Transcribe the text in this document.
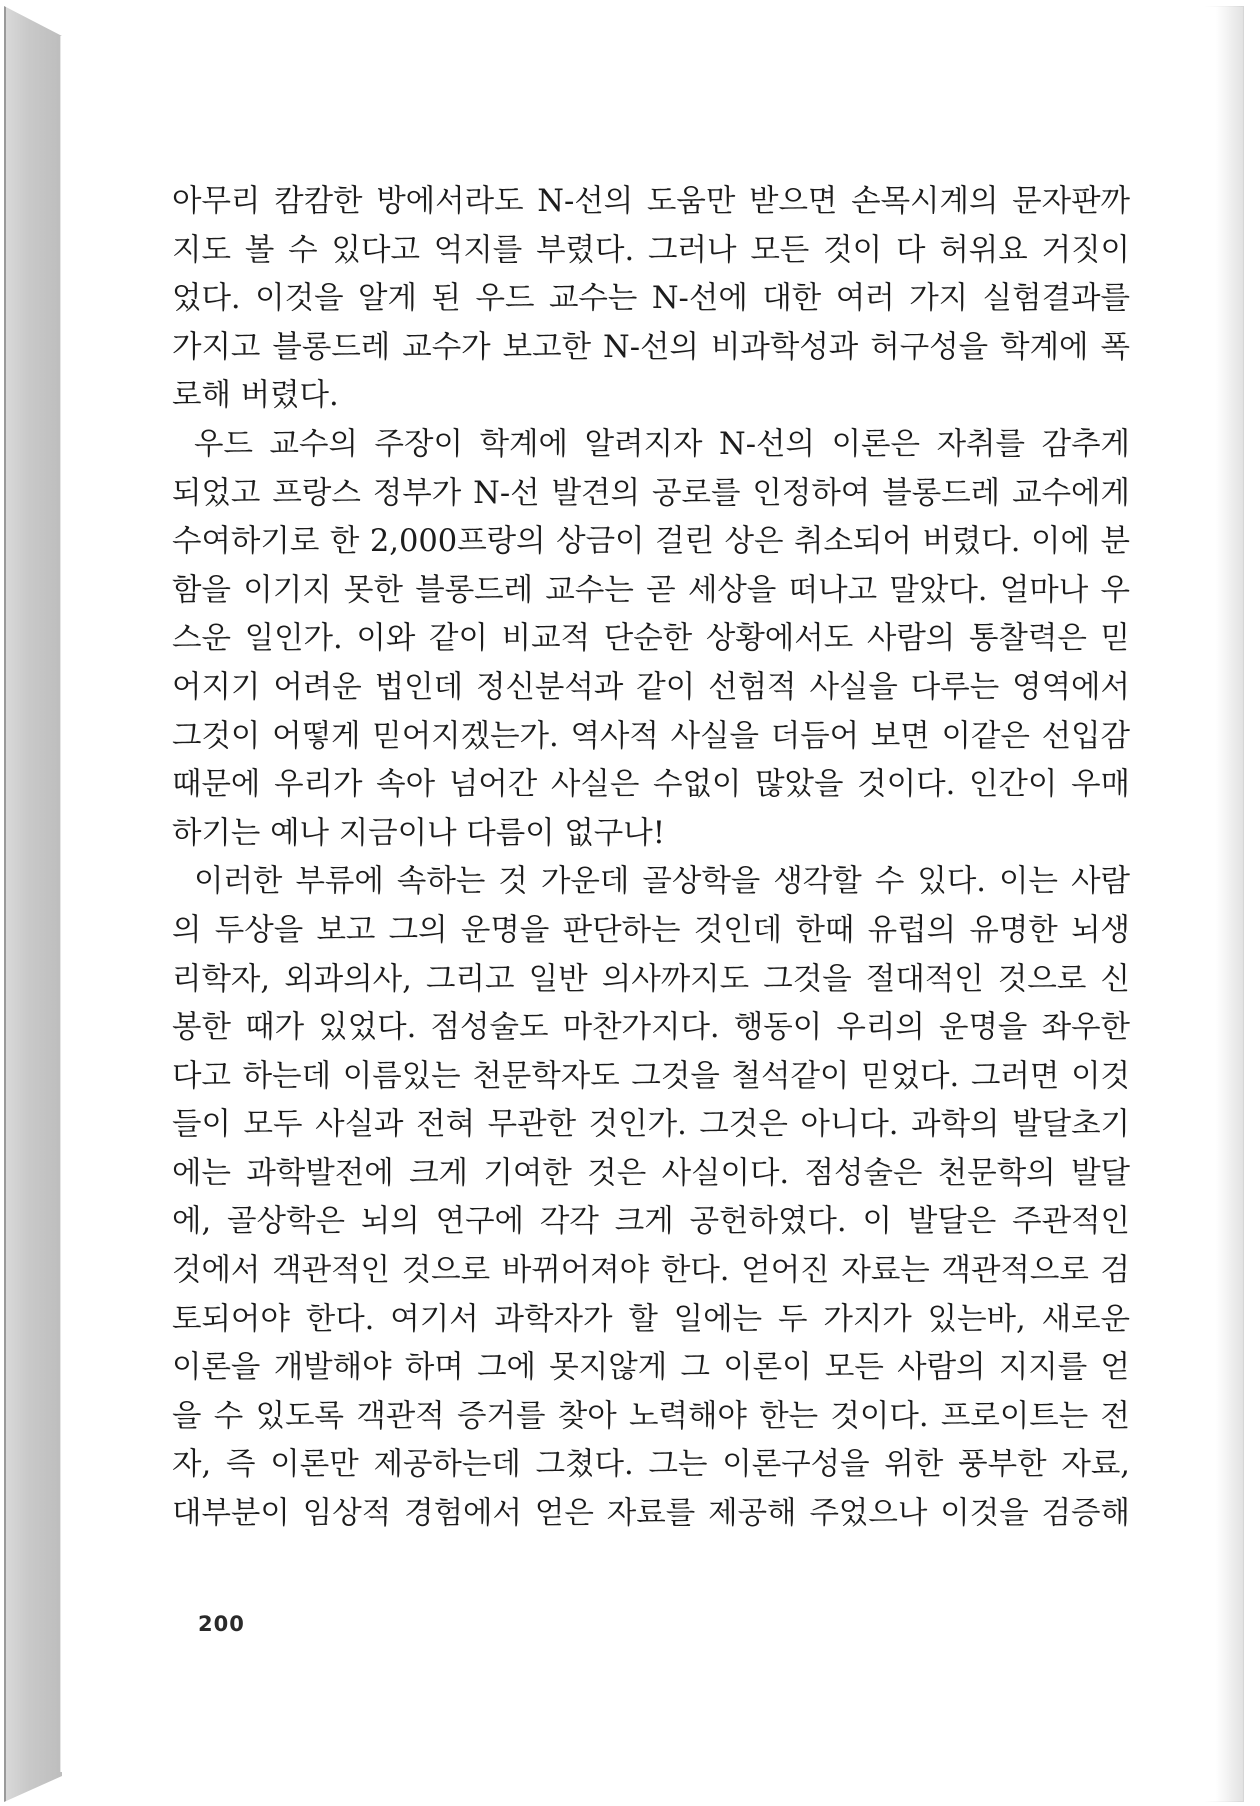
아무리 캄캄한 방에서라도 N-선의 도움만 받으면 손목시계의 문자판까
지도 볼 수 있다고 억지를 부렸다. 그러나 모든 것이 다 허위요 거짓이
었다. 이것을 알게 된 우드 교수는 N-선에 대한 여러 가지 실험결과를
가지고 블롱드레 교수가 보고한 N-선의 비과학성과 허구성을 학계에 폭
로해 버렸다.
우드 교수의 주장이 학계에 알려지자 N-선의 이론은 자취를 감추게
되었고 프랑스 정부가 N-선 발견의 공로를 인정하여 블롱드레 교수에게
수여하기로 한 2,000프랑의 상금이 걸린 상은 취소되어 버렸다. 이에 분
함을 이기지 못한 블롱드레 교수는 곧 세상을 떠나고 말았다. 얼마나 우
스운 일인가. 이와 같이 비교적 단순한 상황에서도 사람의 통찰력은 믿
어지기 어려운 법인데 정신분석과 같이 선험적 사실을 다루는 영역에서
그것이 어떻게 믿어지겠는가. 역사적 사실을 더듬어 보면 이같은 선입감
때문에 우리가 속아 넘어간 사실은 수없이 많았을 것이다. 인간이 우매
하기는 예나 지금이나 다름이 없구나!
이러한 부류에 속하는 것 가운데 골상학을 생각할 수 있다. 이는 사람
의 두상을 보고 그의 운명을 판단하는 것인데 한때 유럽의 유명한 뇌생
리학자, 외과의사, 그리고 일반 의사까지도 그것을 절대적인 것으로 신
봉한 때가 있었다. 점성술도 마찬가지다. 행동이 우리의 운명을 좌우한
다고 하는데 이름있는 천문학자도 그것을 철석같이 믿었다. 그러면 이것
들이 모두 사실과 전혀 무관한 것인가. 그것은 아니다. 과학의 발달초기
에는 과학발전에 크게 기여한 것은 사실이다. 점성술은 천문학의 발달
에, 골상학은 뇌의 연구에 각각 크게 공헌하였다. 이 발달은 주관적인
것에서 객관적인 것으로 바뀌어져야 한다. 얻어진 자료는 객관적으로 검
토되어야 한다. 여기서 과학자가 할 일에는 두 가지가 있는바, 새로운
이론을 개발해야 하며 그에 못지않게 그 이론이 모든 사람의 지지를 얻
을 수 있도록 객관적 증거를 찾아 노력해야 한는 것이다. 프로이트는 전
자, 즉 이론만 제공하는데 그쳤다. 그는 이론구성을 위한 풍부한 자료,
대부분이 임상적 경험에서 얻은 자료를 제공해 주었으나 이것을 검증해
200
